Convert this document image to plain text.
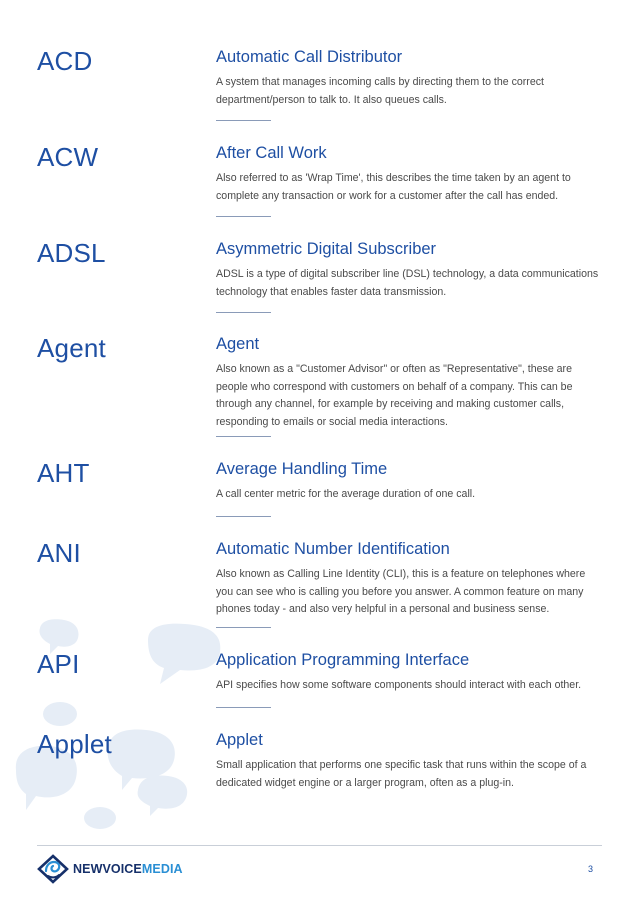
ACD	Automatic Call Distributor
A system that manages incoming calls by directing them to the correct department/person to talk to. It also queues calls.
ACW	After Call Work
Also referred to as 'Wrap Time', this describes the time taken by an agent to complete any transaction or work for a customer after the call has ended.
ADSL	Asymmetric Digital Subscriber
ADSL is a type of digital subscriber line (DSL) technology, a data communications technology that enables faster data transmission.
Agent	Agent
Also known as a "Customer Advisor" or often as "Representative", these are people who correspond with customers on behalf of a company. This can be through any channel, for example by receiving and making customer calls, responding to emails or social media interactions.
AHT	Average Handling Time
A call center metric for the average duration of one call.
ANI	Automatic Number Identification
Also known as Calling Line Identity (CLI), this is a feature on telephones where you can see who is calling you before you answer. A common feature on many phones today - and also very helpful in a personal and business sense.
API	Application Programming Interface
API specifies how some software components should interact with each other.
Applet	Applet
Small application that performs one specific task that runs within the scope of a dedicated widget engine or a larger program, often as a plug-in.
NEWVOICEMEDIA	3
